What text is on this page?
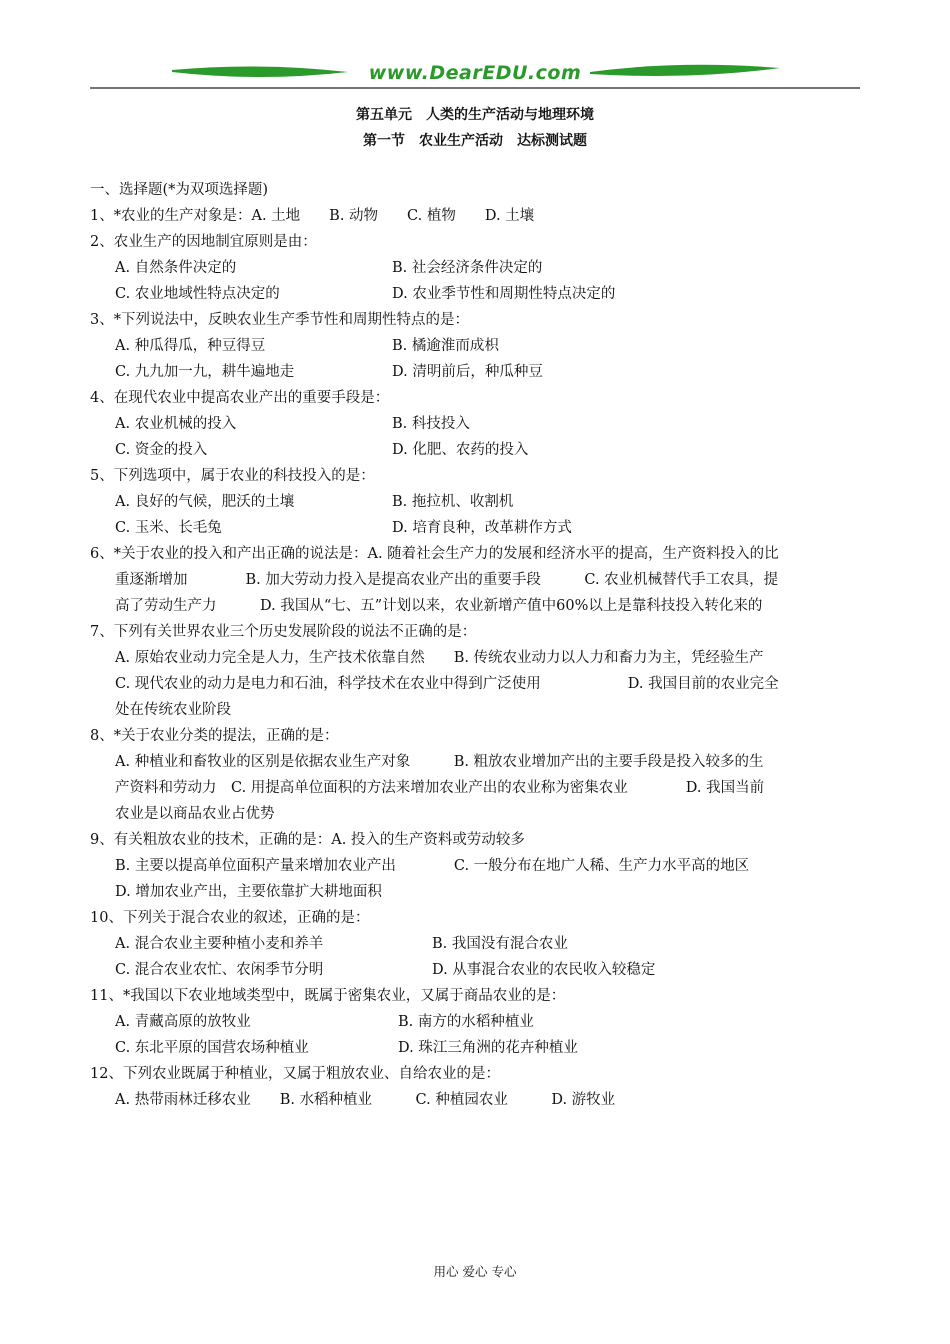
www.DearEDU.com
第五单元　人类的生产活动与地理环境
第一节　农业生产活动　达标测试题
一、选择题(*为双项选择题)
1、*农业的生产对象是：A. 土地　　B. 动物　　C. 植物　　D. 土壤
2、农业生产的因地制宜原则是由：
A. 自然条件决定的	B. 社会经济条件决定的
C. 农业地域性特点决定的	D. 农业季节性和周期性特点决定的
3、*下列说法中，反映农业生产季节性和周期性特点的是：
A. 种瓜得瓜，种豆得豆	B. 橘逾淮而成枳
C. 九九加一九，耕牛遍地走	D. 清明前后，种瓜种豆
4、在现代农业中提高农业产出的重要手段是：
A. 农业机械的投入	B. 科技投入
C. 资金的投入	D. 化肥、农药的投入
5、下列选项中，属于农业的科技投入的是：
A. 良好的气候，肥沃的土壤	B. 拖拉机、收割机
C. 玉米、长毛兔	D. 培育良种，改革耕作方式
6、*关于农业的投入和产出正确的说法是：A. 随着社会生产力的发展和经济水平的提高，生产资料投入的比
重逐渐增加　　　　B. 加大劳动力投入是提高农业产出的重要手段　　　C. 农业机械替代手工农具，提
高了劳动生产力　　　D. 我国从“七、五”计划以来，农业新增产值中60%以上是靠科技投入转化来的
7、下列有关世界农业三个历史发展阶段的说法不正确的是：
A. 原始农业动力完全是人力，生产技术依靠自然　　B. 传统农业动力以人力和畜力为主，凭经验生产
C. 现代农业的动力是电力和石油，科学技术在农业中得到广泛使用　　　　　　D. 我国目前的农业完全
处在传统农业阶段
8、*关于农业分类的提法，正确的是：
A. 种植业和畜牧业的区别是依据农业生产对象　　　B. 粗放农业增加产出的主要手段是投入较多的生
产资料和劳动力　C. 用提高单位面积的方法来增加农业产出的农业称为密集农业　　　　D. 我国当前
农业是以商品农业占优势
9、有关粗放农业的技术，正确的是：A. 投入的生产资料或劳动较多
B. 主要以提高单位面积产量来增加农业产出　　　　C. 一般分布在地广人稀、生产力水平高的地区
D. 增加农业产出，主要依靠扩大耕地面积
10、下列关于混合农业的叙述，正确的是：
A. 混合农业主要种植小麦和养羊	B. 我国没有混合农业
C. 混合农业农忙、农闲季节分明	D. 从事混合农业的农民收入较稳定
11、*我国以下农业地域类型中，既属于密集农业，又属于商品农业的是：
A. 青藏高原的放牧业	B. 南方的水稻种植业
C. 东北平原的国营农场种植业	D. 珠江三角洲的花卉种植业
12、下列农业既属于种植业，又属于粗放农业、自给农业的是：
A. 热带雨林迁移农业　　B. 水稻种植业　　　C. 种植园农业　　　D. 游牧业
用心 爱心 专心
